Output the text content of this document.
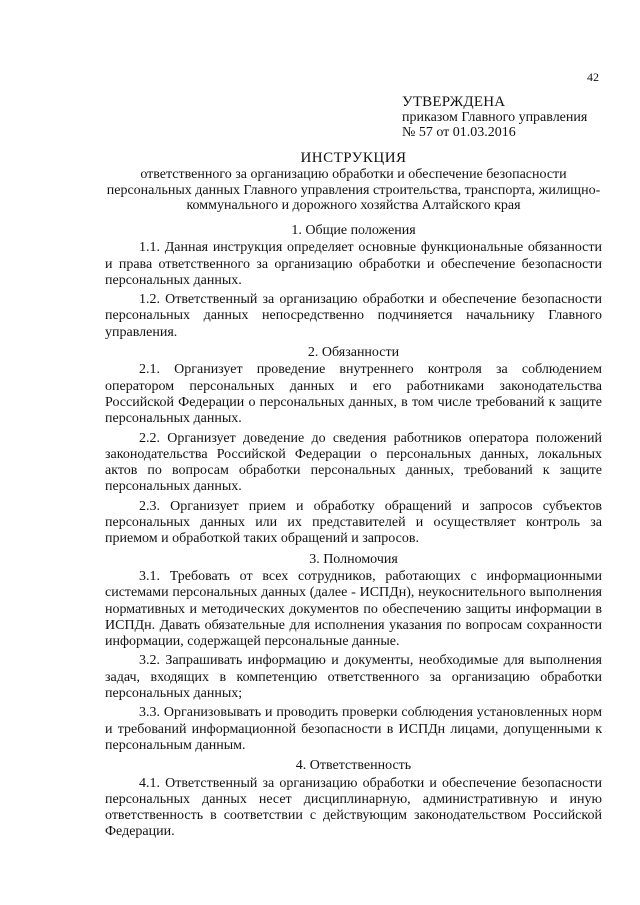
42
УТВЕРЖДЕНА
приказом Главного управления
№ 57 от 01.03.2016
ИНСТРУКЦИЯ
ответственного за организацию обработки и обеспечение безопасности персональных данных Главного управления строительства, транспорта, жилищно-коммунального и дорожного хозяйства Алтайского края
1. Общие положения

1.1. Данная инструкция определяет основные функциональные обязанности и права ответственного за организацию обработки и обеспечение безопасности персональных данных.

1.2. Ответственный за организацию обработки и обеспечение безопасности персональных данных непосредственно подчиняется начальнику Главного управления.

2. Обязанности

2.1. Организует проведение внутреннего контроля за соблюдением оператором персональных данных и его работниками законодательства Российской Федерации о персональных данных, в том числе требований к защите персональных данных.

2.2. Организует доведение до сведения работников оператора положений законодательства Российской Федерации о персональных данных, локальных актов по вопросам обработки персональных данных, требований к защите персональных данных.

2.3. Организует прием и обработку обращений и запросов субъектов персональных данных или их представителей и осуществляет контроль за приемом и обработкой таких обращений и запросов.

3. Полномочия

3.1. Требовать от всех сотрудников, работающих с информационными системами персональных данных (далее - ИСПДн), неукоснительного выполнения нормативных и методических документов по обеспечению защиты информации в ИСПДн. Давать обязательные для исполнения указания по вопросам сохранности информации, содержащей персональные данные.

3.2. Запрашивать информацию и документы, необходимые для выполнения задач, входящих в компетенцию ответственного за организацию обработки персональных данных;

3.3. Организовывать и проводить проверки соблюдения установленных норм и требований информационной безопасности в ИСПДн лицами, допущенными к персональным данным.

4. Ответственность

4.1. Ответственный за организацию обработки и обеспечение безопасности персональных данных несет дисциплинарную, административную и иную ответственность в соответствии с действующим законодательством Российской Федерации.
